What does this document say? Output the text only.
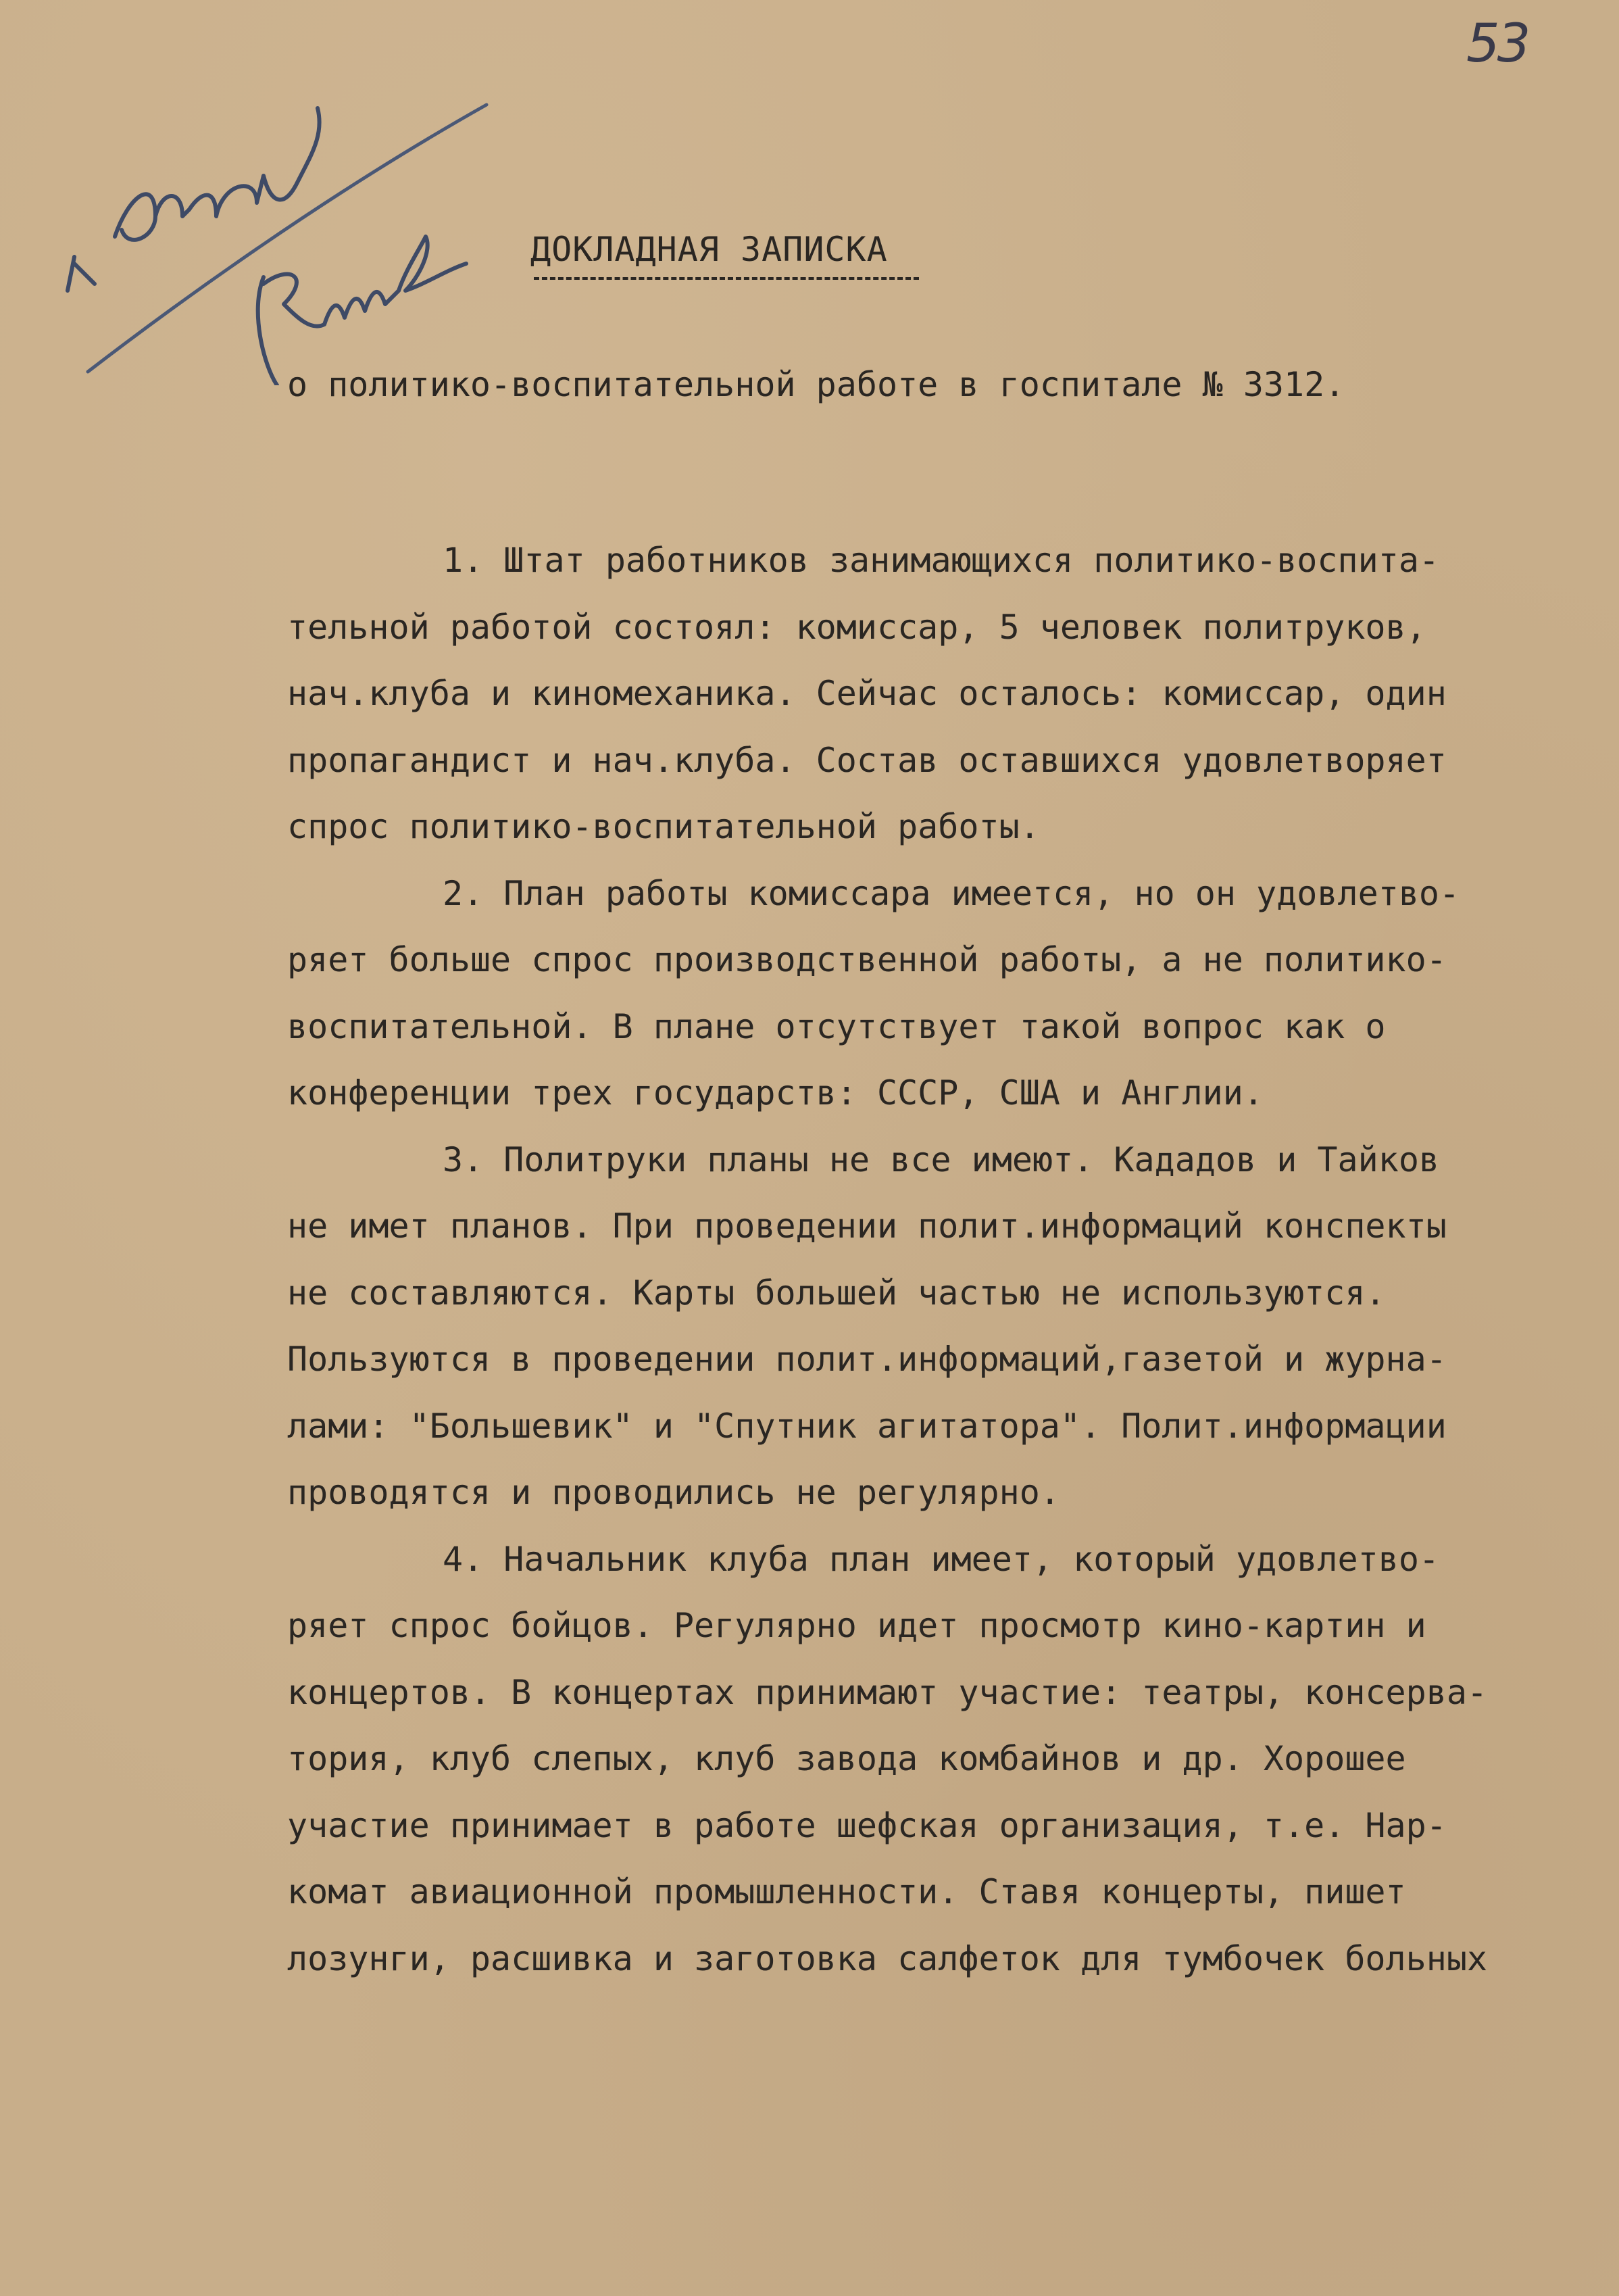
53
ДОКЛАДНАЯ ЗАПИСКА
о политико-воспитательной работе в госпитале № 3312.
1. Штат работников занимающихся политико-воспита-
тельной работой состоял: комиссар, 5 человек политруков,
нач.клуба и киномеханика. Сейчас осталось: комиссар, один
пропагандист и нач.клуба. Состав оставшихся удовлетворяет
спрос политико-воспитательной работы.
2. План работы комиссара имеется, но он удовлетво-
ряет больше спрос производственной работы, а не политико-
воспитательной. В плане отсутствует такой вопрос как о
конференции трех государств: СССР, США и Англии.
3. Политруки планы не все имеют. Кададов и Тайков
не имет планов. При проведении полит.информаций конспекты
не составляются. Карты большей частью не используются.
Пользуются в проведении полит.информаций,газетой и журна-
лами: "Большевик" и "Спутник агитатора". Полит.информации
проводятся и проводились не регулярно.
4. Начальник клуба план имеет, который удовлетво-
ряет спрос бойцов. Регулярно идет просмотр кино-картин и
концертов. В концертах принимают участие: театры, консерва-
тория, клуб слепых, клуб завода комбайнов и др. Хорошее
участие принимает в работе шефская организация, т.е. Нар-
комат авиационной промышленности. Ставя концерты, пишет
лозунги, расшивка и заготовка салфеток для тумбочек больных
